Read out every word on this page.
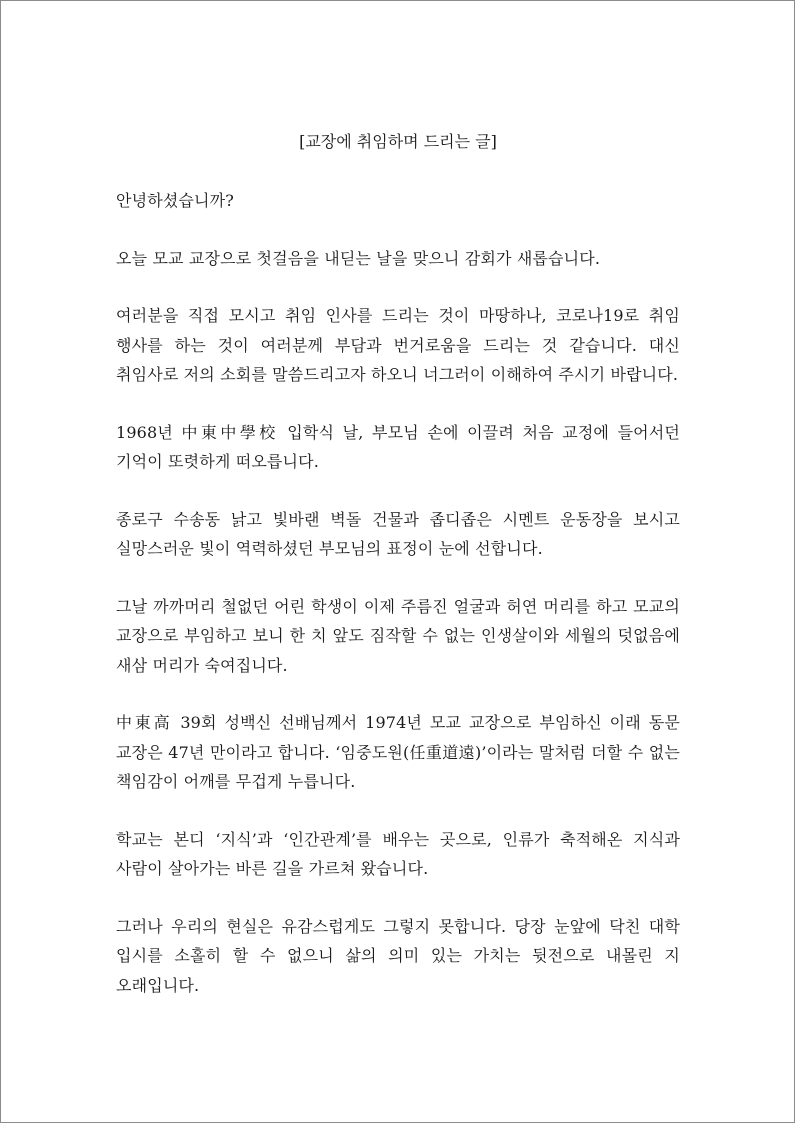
[교장에 취임하며 드리는 글]

안녕하셨습니까?

오늘 모교 교장으로 첫걸음을 내딛는 날을 맞으니 감회가 새롭습니다.

여러분을 직접 모시고 취임 인사를 드리는 것이 마땅하나, 코로나19로 취임 행사를 하는 것이 여러분께 부담과 번거로움을 드리는 것 같습니다. 대신 취임사로 저의 소회를 말씀드리고자 하오니 너그러이 이해하여 주시기 바랍니다.

1968년 中東中學校 입학식 날, 부모님 손에 이끌려 처음 교정에 들어서던 기억이 또렷하게 떠오릅니다.

종로구 수송동 낡고 빛바랜 벽돌 건물과 좁디좁은 시멘트 운동장을 보시고 실망스러운 빛이 역력하셨던 부모님의 표정이 눈에 선합니다.

그날 까까머리 철없던 어린 학생이 이제 주름진 얼굴과 허연 머리를 하고 모교의 교장으로 부임하고 보니 한 치 앞도 짐작할 수 없는 인생살이와 세월의 덧없음에 새삼 머리가 숙여집니다.

中東高 39회 성백신 선배님께서 1974년 모교 교장으로 부임하신 이래 동문 교장은 47년 만이라고 합니다. ‘임중도원(任重道遠)’이라는 말처럼 더할 수 없는 책임감이 어깨를 무겁게 누릅니다.

학교는 본디 ‘지식’과 ‘인간관계’를 배우는 곳으로, 인류가 축적해온 지식과 사람이 살아가는 바른 길을 가르쳐 왔습니다.

그러나 우리의 현실은 유감스럽게도 그렇지 못합니다. 당장 눈앞에 닥친 대학 입시를 소홀히 할 수 없으니 삶의 의미 있는 가치는 뒷전으로 내몰린 지 오래입니다.
